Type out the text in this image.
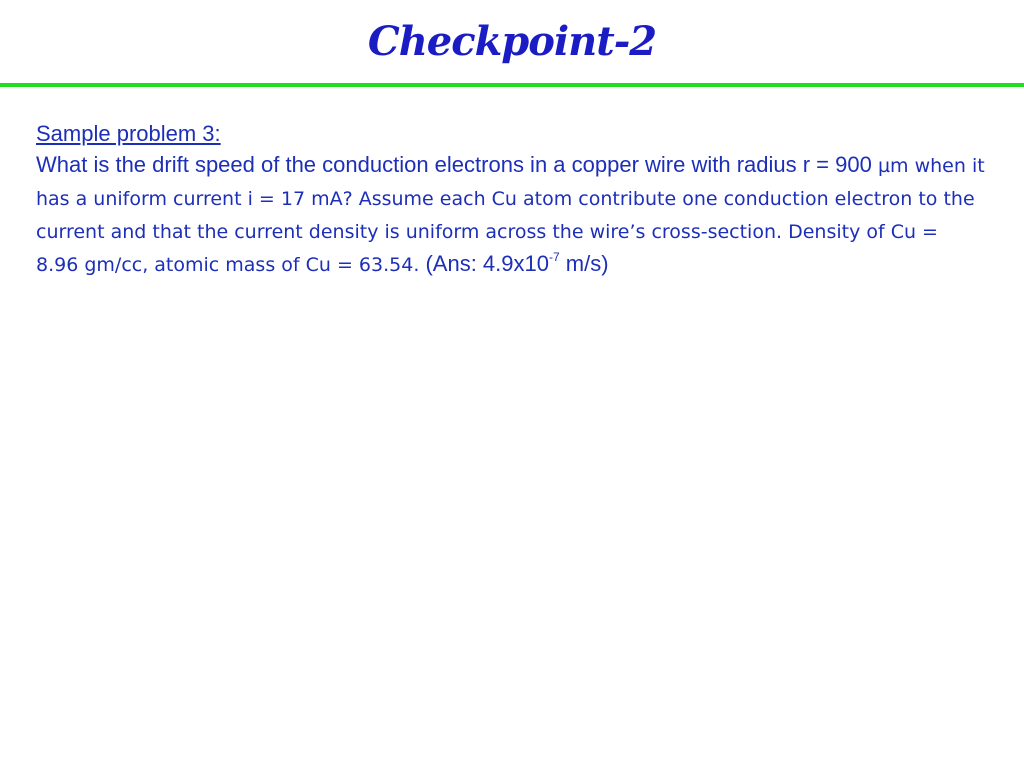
Checkpoint-2
Sample problem 3:
What is the drift speed of the conduction electrons in a copper wire with radius r = 900 µm when it has a uniform current i = 17 mA? Assume each Cu atom contribute one conduction electron to the current and that the current density is uniform across the wire’s cross-section. Density of Cu = 8.96 gm/cc, atomic mass of Cu = 63.54. (Ans: $4.9x10^{-7}$ m/s)
